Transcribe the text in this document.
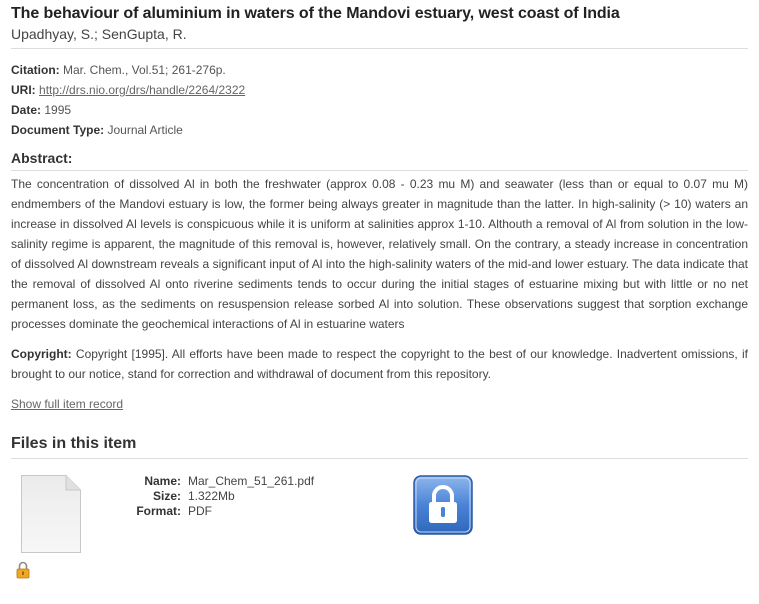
The behaviour of aluminium in waters of the Mandovi estuary, west coast of India
Upadhyay, S.; SenGupta, R.
Citation: Mar. Chem., Vol.51; 261-276p.
URI: http://drs.nio.org/drs/handle/2264/2322
Date: 1995
Document Type: Journal Article
Abstract:
The concentration of dissolved Al in both the freshwater (approx 0.08 - 0.23 mu M) and seawater (less than or equal to 0.07 mu M) endmembers of the Mandovi estuary is low, the former being always greater in magnitude than the latter. In high-salinity (> 10) waters an increase in dissolved Al levels is conspicuous while it is uniform at salinities approx 1-10. Althouth a removal of Al from solution in the low-salinity regime is apparent, the magnitude of this removal is, however, relatively small. On the contrary, a steady increase in concentration of dissolved Al downstream reveals a significant input of Al into the high-salinity waters of the mid-and lower estuary. The data indicate that the removal of dissolved Al onto riverine sediments tends to occur during the initial stages of estuarine mixing but with little or no net permanent loss, as the sediments on resuspension release sorbed Al into solution. These observations suggest that sorption exchange processes dominate the geochemical interactions of Al in estuarine waters
Copyright: Copyright [1995]. All efforts have been made to respect the copyright to the best of our knowledge. Inadvertent omissions, if brought to our notice, stand for correction and withdrawal of document from this repository.
Show full item record
Files in this item
Name: Mar_Chem_51_261.pdf
Size: 1.322Mb
Format: PDF
